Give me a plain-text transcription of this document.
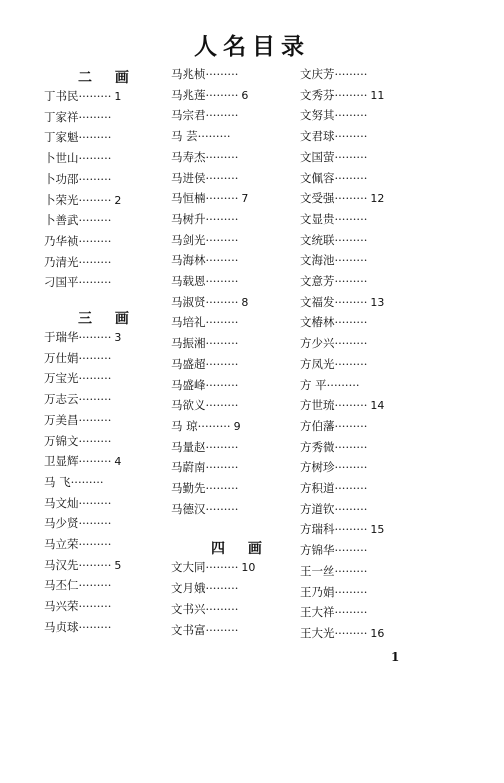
人名目录
二 画
丁书民········· 1
丁家祥·········
丁家魁·········
卜世山·········
卜功邵·········
卜荣光········· 2
卜善武·········
乃华祯·········
乃清光·········
刁国平·········
三 画
于瑞华········· 3
万仕娟·········
万宝光·········
万志云·········
万美昌·········
万锦文·········
卫显辉········· 4
马 飞·········
马文灿·········
马少贤·········
马立荣·········
马汉先········· 5
马丕仁·········
马兴荣·········
马贞球·········
马兆桢·········
马兆莲········· 6
马宗君·········
马 芸·········
马寿杰·········
马进侯·········
马恒楠········· 7
马树升·········
马剑光·········
马海林·········
马载恩·········
马淑贤········· 8
马培礼·········
马振湘·········
马盛超·········
马盛峰·········
马欲义·········
马 琼········· 9
马量赵·········
马蔚南·········
马勤先·········
马德汉·········
四 画
文大同········· 10
文月娥·········
文书兴·········
文书富·········
文庆芳·········
文秀芬········· 11
文努其·········
文君球·········
文国萤·········
文佩容·········
文受强········· 12
文显贵·········
文统联·········
文海池·········
文意芳·········
文福发········· 13
文椿林·········
方少兴·········
方凤光·········
方 平·········
方世琉········· 14
方伯藩·········
方秀微·········
方树珍·········
方积道·········
方道钦·········
方瑞科········· 15
方锦华·········
王一丝·········
王乃娟·········
王大祥·········
王大光········· 16
1
